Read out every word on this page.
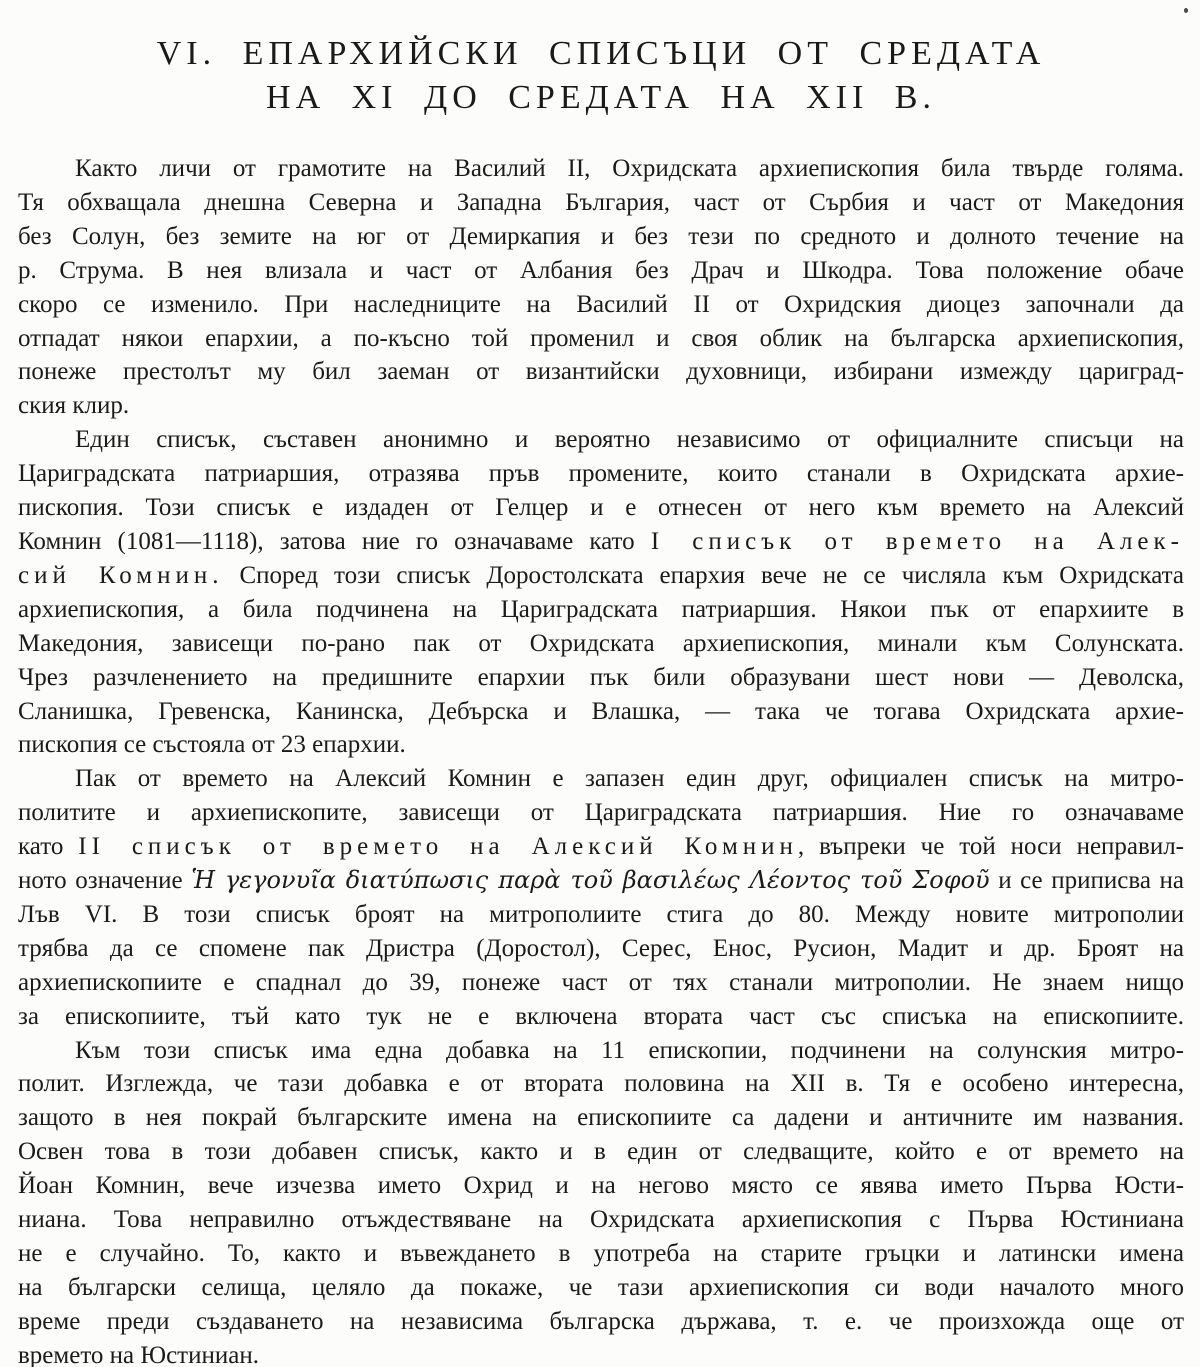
VI. ЕПАРХИЙСКИ СПИСЪЦИ ОТ СРЕДАТА
НА XI ДО СРЕДАТА НА XII В.
Както личи от грамотите на Василий II, Охридската архиепископия била твърде голяма.
Тя обхващала днешна Северна и Западна България, част от Сърбия и част от Македония
без Солун, без земите на юг от Демиркапия и без тези по средното и долното течение на
р. Струма. В нея влизала и част от Албания без Драч и Шкодра. Това положение обаче
скоро се изменило. При наследниците на Василий II от Охридския диоцез започнали да
отпадат някои епархии, а по-късно той променил и своя облик на българска архиепископия,
понеже престолът му бил заеман от византийски духовници, избирани измежду цариград-
ския клир.
Един списък, съставен анонимно и вероятно независимо от официалните списъци на
Цариградската патриаршия, отразява пръв промените, които станали в Охридската архие-
пископия. Този списък е издаден от Гелцер и е отнесен от него към времето на Алексий
Комнин (1081—1118), затова ние го означаваме като I списък от времето на Алек-
сий Комнин. Според този списък Доростолската епархия вече не се числяла към Охридската
архиепископия, а била подчинена на Цариградската патриаршия. Някои пък от епархиите в
Македония, зависещи по-рано пак от Охридската архиепископия, минали към Солунската.
Чрез разчленението на предишните епархии пък били образувани шест нови — Деволска,
Сланишка, Гревенска, Канинска, Дебърска и Влашка, — така че тогава Охридската архие-
пископия се състояла от 23 епархии.
Пак от времето на Алексий Комнин е запазен един друг, официален списък на митро-
политите и архиепископите, зависещи от Цариградската патриаршия. Ние го означаваме
като II списък от времето на Алексий Комнин, въпреки че той носи неправил-
ното означение Ἡ γεγονυῖα διατύπωσις παρὰ τοῦ βασιλέως Λέοντος τοῦ Σοφοῦ и се приписва на
Лъв VI. В този списък броят на митрополиите стига до 80. Между новите митрополии
трябва да се спомене пак Дристра (Доростол), Серес, Енос, Русион, Мадит и др. Броят на
архиепископиите е спаднал до 39, понеже част от тях станали митрополии. Не знаем нищо
за епископиите, тъй като тук не е включена втората част със списъка на епископиите.
Към този списък има една добавка на 11 епископии, подчинени на солунския митро-
полит. Изглежда, че тази добавка е от втората половина на XII в. Тя е особено интересна,
защото в нея покрай българските имена на епископиите са дадени и античните им названия.
Освен това в този добавен списък, както и в един от следващите, който е от времето на
Йоан Комнин, вече изчезва името Охрид и на негово място се явява името Първа Юсти-
ниана. Това неправилно отъждествяване на Охридската архиепископия с Първа Юстиниана
не е случайно. То, както и въвеждането в употреба на старите гръцки и латински имена
на български селища, целяло да покаже, че тази архиепископия си води началото много
време преди създаването на независима българска държава, т. е. че произхожда още от
времето на Юстиниан.
